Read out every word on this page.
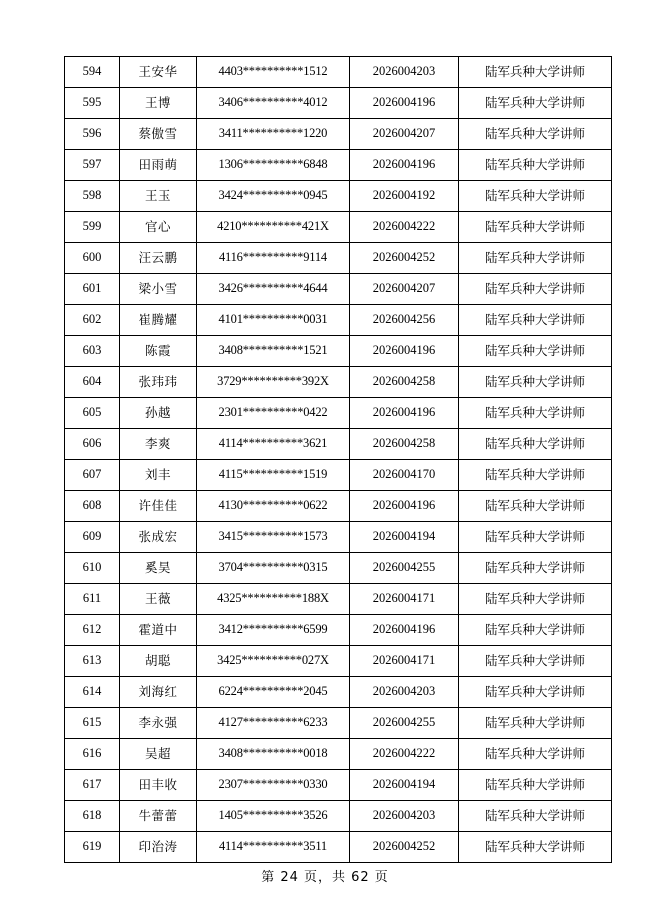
594	王安华	4403**********1512	2026004203	陆军兵种大学讲师
595	王博	3406**********4012	2026004196	陆军兵种大学讲师
596	蔡傲雪	3411**********1220	2026004207	陆军兵种大学讲师
597	田雨萌	1306**********6848	2026004196	陆军兵种大学讲师
598	王玉	3424**********0945	2026004192	陆军兵种大学讲师
599	官心	4210**********421X	2026004222	陆军兵种大学讲师
600	汪云鹏	4116**********9114	2026004252	陆军兵种大学讲师
601	梁小雪	3426**********4644	2026004207	陆军兵种大学讲师
602	崔腾耀	4101**********0031	2026004256	陆军兵种大学讲师
603	陈霞	3408**********1521	2026004196	陆军兵种大学讲师
604	张玮玮	3729**********392X	2026004258	陆军兵种大学讲师
605	孙越	2301**********0422	2026004196	陆军兵种大学讲师
606	李爽	4114**********3621	2026004258	陆军兵种大学讲师
607	刘丰	4115**********1519	2026004170	陆军兵种大学讲师
608	许佳佳	4130**********0622	2026004196	陆军兵种大学讲师
609	张成宏	3415**********1573	2026004194	陆军兵种大学讲师
610	奚昊	3704**********0315	2026004255	陆军兵种大学讲师
611	王薇	4325**********188X	2026004171	陆军兵种大学讲师
612	霍道中	3412**********6599	2026004196	陆军兵种大学讲师
613	胡聪	3425**********027X	2026004171	陆军兵种大学讲师
614	刘海红	6224**********2045	2026004203	陆军兵种大学讲师
615	李永强	4127**********6233	2026004255	陆军兵种大学讲师
616	吴超	3408**********0018	2026004222	陆军兵种大学讲师
617	田丰收	2307**********0330	2026004194	陆军兵种大学讲师
618	牛蕾蕾	1405**********3526	2026004203	陆军兵种大学讲师
619	印治涛	4114**********3511	2026004252	陆军兵种大学讲师
第 24 页，共 62 页
